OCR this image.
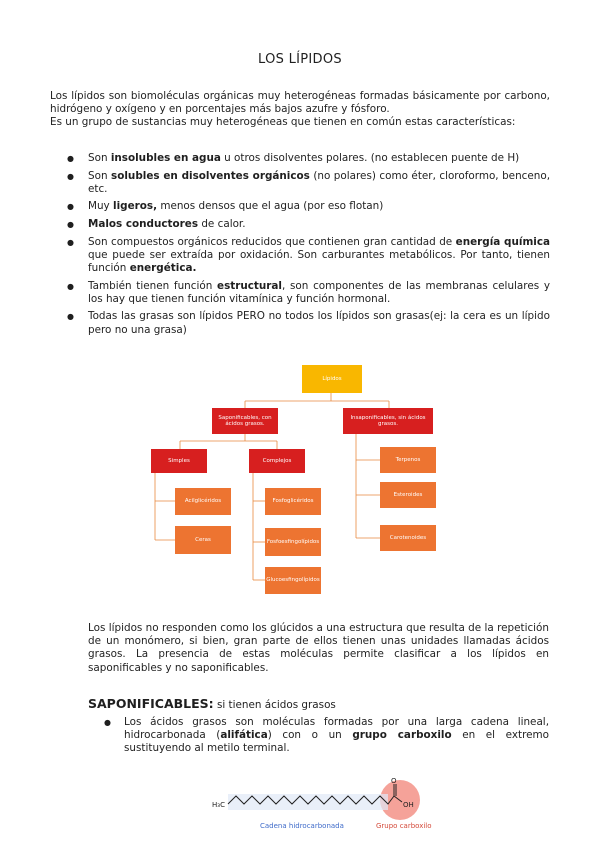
LOS LÍPIDOS

Los lípidos son biomoléculas orgánicas muy heterogéneas formadas básicamente por carbono, hidrógeno y oxígeno y en porcentajes más bajos azufre y fósforo.

Es un grupo de sustancias muy heterogéneas que tienen en común estas características:

● Son insolubles en agua u otros disolventes polares. (no establecen puente de H)
● Son solubles en disolventes orgánicos (no polares) como éter, cloroformo, benceno, etc.
● Muy ligeros, menos densos que el agua (por eso flotan)
● Malos conductores de calor.
● Son compuestos orgánicos reducidos que contienen gran cantidad de energía química que puede ser extraída por oxidación. Son carburantes metabólicos. Por tanto, tienen función energética.
● También tienen función estructural, son componentes de las membranas celulares y los hay que tienen función vitamínica y función hormonal.
● Todas las grasas son lípidos PERO no todos los lípidos son grasas(ej: la cera es un lípido pero no una grasa)
Lípidos
Saponificables, con ácidos grasos.
Insaponificables, sin ácidos grasos.
Simples	Complejos
Acilglicéridos
Ceras
Fosfoglicéridos
Fosfoesfingolípidos
Glucoesfingolípidos
Terpenos
Esteroides
Carotenoides
Los lípidos no responden como los glúcidos a una estructura que resulta de la repetición de un monómero, si bien, gran parte de ellos tienen unas unidades llamadas ácidos grasos. La presencia de estas moléculas permite clasificar a los lípidos en saponificables y no saponificables.
SAPONIFICABLES: si tienen ácidos grasos
● Los ácidos grasos son moléculas formadas por una larga cadena lineal, hidrocarbonada (alifática) con o un grupo carboxilo en el extremo sustituyendo al metilo terminal.
H₃C
O
OH
Cadena hidrocarbonada	Grupo carboxilo
